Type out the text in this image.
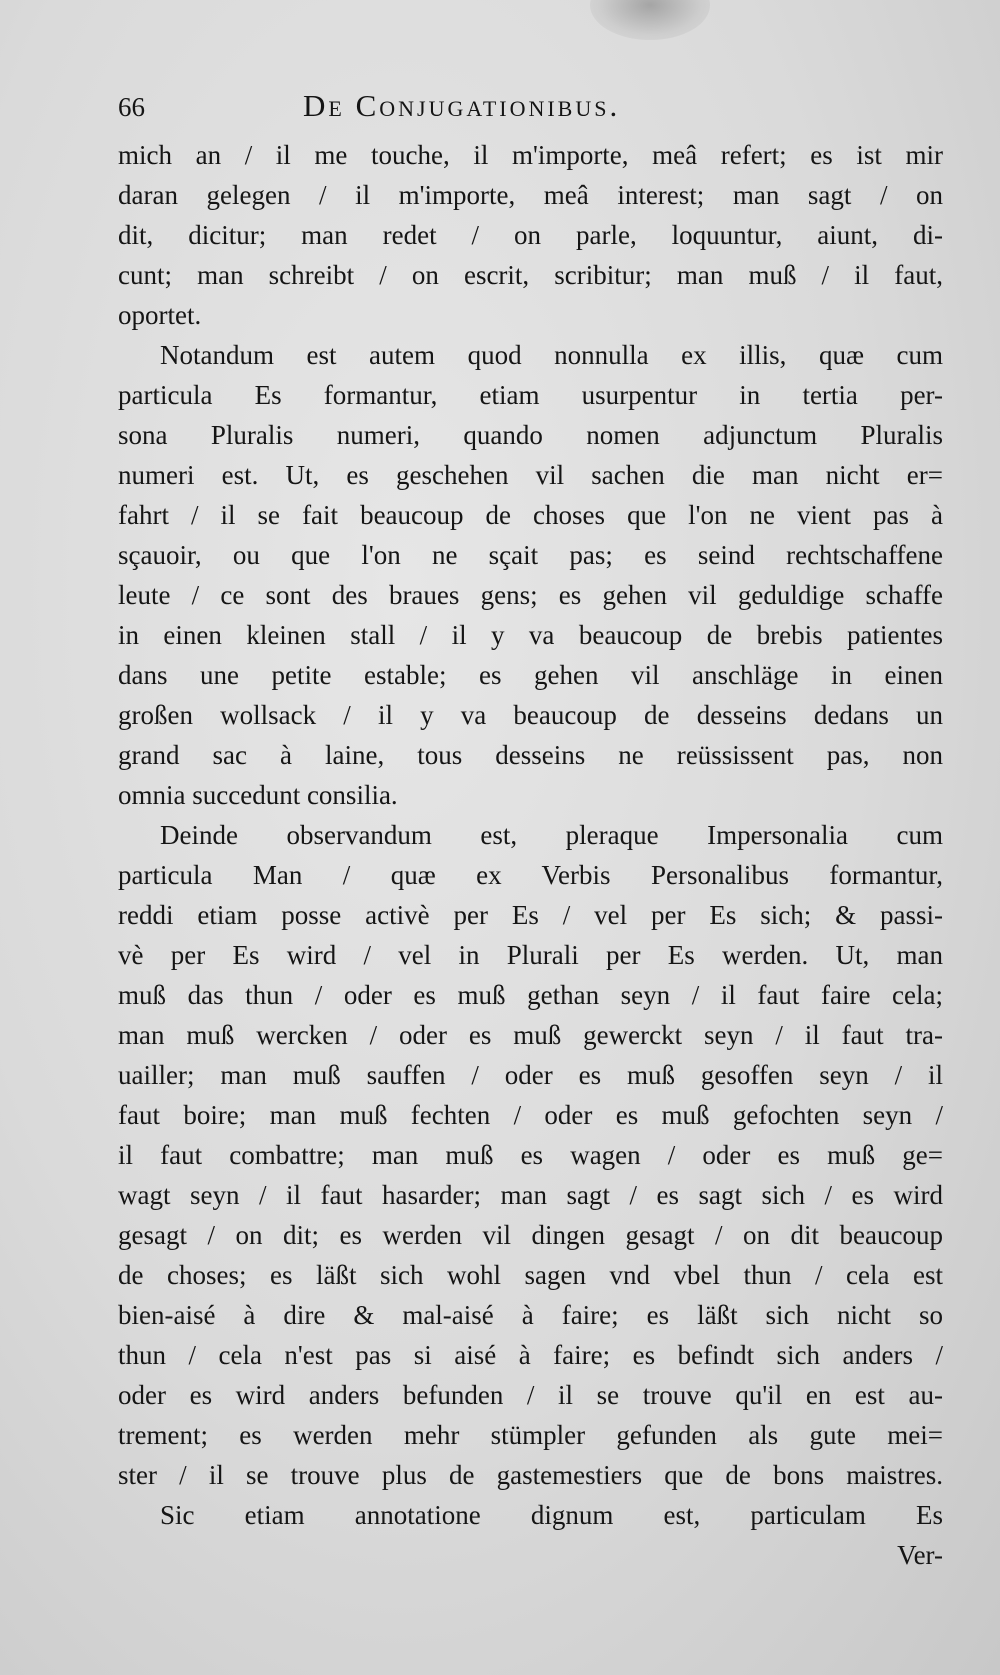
66	De Conjugationibus.
mich an / il me touche, il m'importe, meâ refert; es ist mir
daran gelegen / il m'importe, meâ interest; man sagt / on
dit, dicitur; man redet / on parle, loquuntur, aiunt, di-
cunt; man schreibt / on escrit, scribitur; man muß / il faut,
oportet.
Notandum est autem quod nonnulla ex illis, quæ cum
particula Es formantur, etiam usurpentur in tertia per-
sona Pluralis numeri, quando nomen adjunctum Pluralis
numeri est. Ut, es geschehen vil sachen die man nicht er=
fahrt / il se fait beaucoup de choses que l'on ne vient pas à
sçauoir, ou que l'on ne sçait pas; es seind rechtschaffene
leute / ce sont des braues gens; es gehen vil geduldige schaffe
in einen kleinen stall / il y va beaucoup de brebis patientes
dans une petite estable; es gehen vil anschläge in einen
großen wollsack / il y va beaucoup de desseins dedans un
grand sac à laine, tous desseins ne reüssissent pas, non
omnia succedunt consilia.
Deinde observandum est, pleraque Impersonalia cum
particula Man / quæ ex Verbis Personalibus formantur,
reddi etiam posse activè per Es / vel per Es sich; & passi-
vè per Es wird / vel in Plurali per Es werden. Ut, man
muß das thun / oder es muß gethan seyn / il faut faire cela;
man muß wercken / oder es muß gewerckt seyn / il faut tra-
uailler; man muß sauffen / oder es muß gesoffen seyn / il
faut boire; man muß fechten / oder es muß gefochten seyn /
il faut combattre; man muß es wagen / oder es muß ge=
wagt seyn / il faut hasarder; man sagt / es sagt sich / es wird
gesagt / on dit; es werden vil dingen gesagt / on dit beaucoup
de choses; es läßt sich wohl sagen vnd vbel thun / cela est
bien-aisé à dire & mal-aisé à faire; es läßt sich nicht so
thun / cela n'est pas si aisé à faire; es befindt sich anders /
oder es wird anders befunden / il se trouve qu'il en est au-
trement; es werden mehr stümpler gefunden als gute mei=
ster / il se trouve plus de gastemestiers que de bons maistres.
Sic etiam annotatione dignum est, particulam Es
Ver-
